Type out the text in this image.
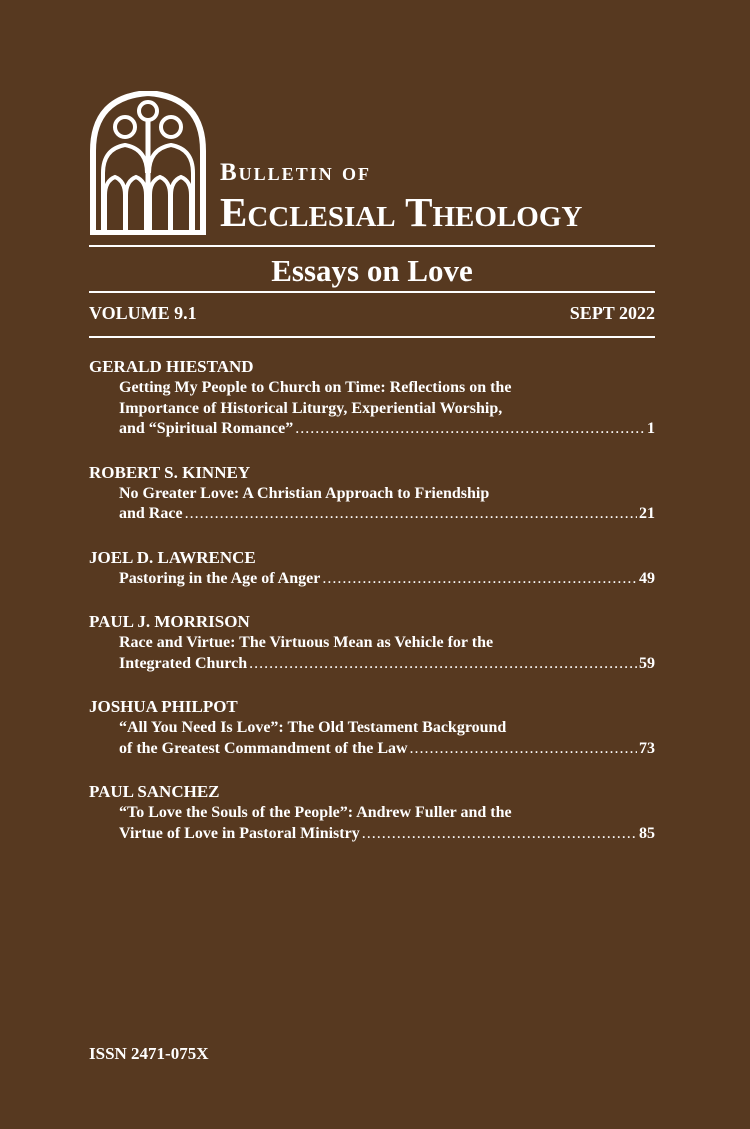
Bulletin of
Ecclesial Theology
Essays on Love
VOLUME 9.1	SEPT 2022
GERALD HIESTAND
Getting My People to Church on Time: Reflections on the
Importance of Historical Liturgy, Experiential Worship,
and “Spiritual Romance” .....	1
ROBERT S. KINNEY
No Greater Love: A Christian Approach to Friendship
and Race .....	21
JOEL D. LAWRENCE
Pastoring in the Age of Anger .....	49
PAUL J. MORRISON
Race and Virtue: The Virtuous Mean as Vehicle for the
Integrated Church .....	59
JOSHUA PHILPOT
“All You Need Is Love”: The Old Testament Background
of the Greatest Commandment of the Law .....	73
PAUL SANCHEZ
“To Love the Souls of the People”: Andrew Fuller and the
Virtue of Love in Pastoral Ministry .....	85
ISSN 2471-075X
